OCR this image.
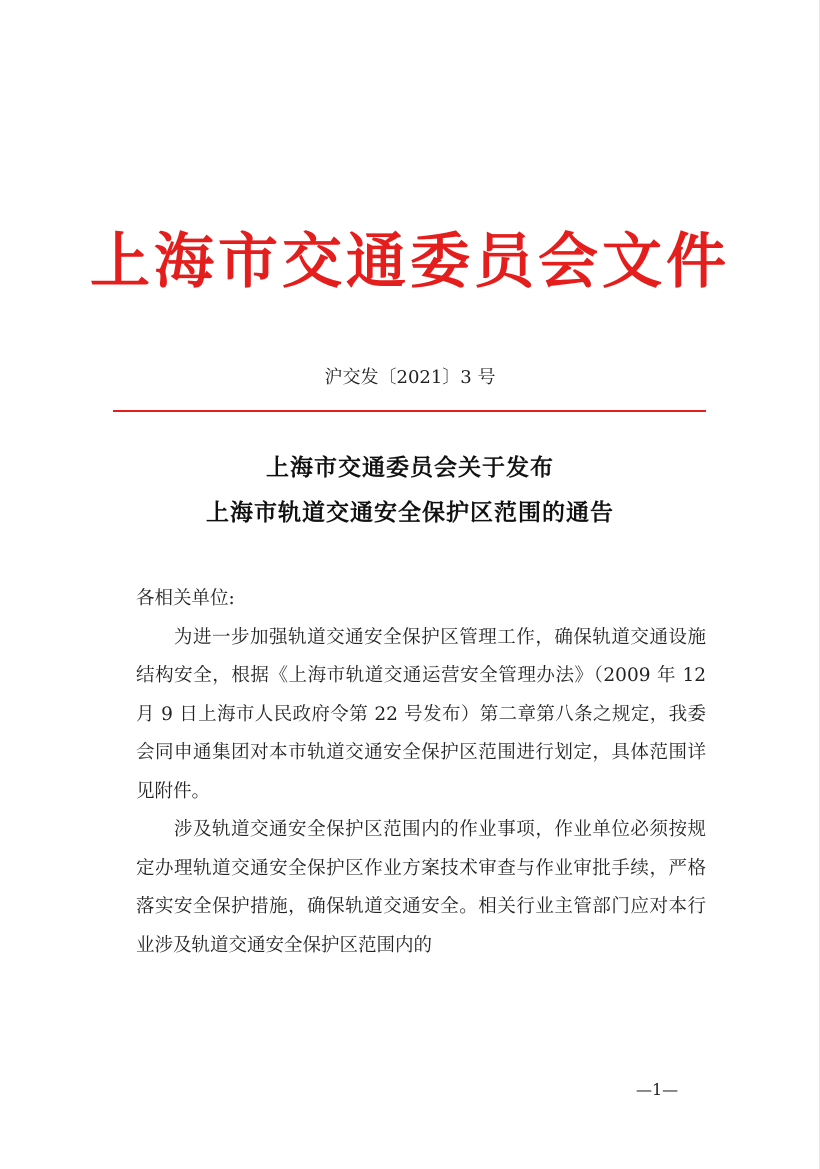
上海市交通委员会文件
沪交发〔2021〕3 号
上海市交通委员会关于发布
上海市轨道交通安全保护区范围的通告

各相关单位:

为进一步加强轨道交通安全保护区管理工作，确保轨道交通设施结构安全，根据《上海市轨道交通运营安全管理办法》（2009 年 12 月 9 日上海市人民政府令第 22 号发布）第二章第八条之规定，我委会同申通集团对本市轨道交通安全保护区范围进行划定，具体范围详见附件。

涉及轨道交通安全保护区范围内的作业事项，作业单位必须按规定办理轨道交通安全保护区作业方案技术审查与作业审批手续，严格落实安全保护措施，确保轨道交通安全。相关行业主管部门应对本行业涉及轨道交通安全保护区范围内的

—1—
